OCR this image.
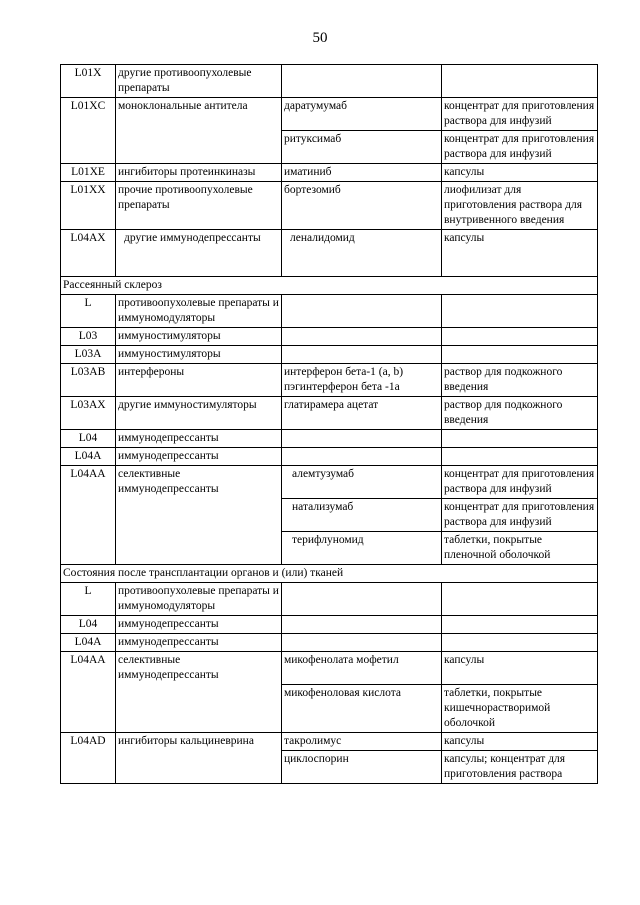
50
L01X	другие противоопухолевые препараты		
L01XC	моноклональные антитела	даратумумаб	концентрат для приготовления раствора для инфузий
		ритуксимаб	концентрат для приготовления раствора для инфузий
L01XE	ингибиторы протеинкиназы	иматиниб	капсулы
L01XX	прочие противоопухолевые препараты	бортезомиб	лиофилизат для приготовления раствора для внутривенного введения
L04AX	другие иммунодепрессанты	леналидомид	капсулы
Рассеянный склероз			
L	противоопухолевые препараты и иммуномодуляторы		
L03	иммуностимуляторы		
L03A	иммуностимуляторы		
L03AB	интерфероны	интерферон бета-1 (a, b) пэгинтерферон бета -1а	раствор для подкожного введения
L03AX	другие иммуностимуляторы	глатирамера ацетат	раствор для подкожного введения
L04	иммунодепрессанты		
L04A	иммунодепрессанты		
L04AA	селективные иммунодепрессанты	алемтузумаб	концентрат для приготовления раствора для инфузий
		натализумаб	концентрат для приготовления раствора для инфузий
		терифлуномид	таблетки, покрытые пленочной оболочкой
Состояния после трансплантации органов и (или) тканей			
L	противоопухолевые препараты и иммуномодуляторы		
L04	иммунодепрессанты		
L04A	иммунодепрессанты		
L04AA	селективные иммунодепрессанты	микофенолата мофетил	капсулы
		микофеноловая кислота	таблетки, покрытые кишечнорастворимой оболочкой
L04AD	ингибиторы кальциневрина	такролимус	капсулы
		циклоспорин	капсулы; концентрат для приготовления раствора
